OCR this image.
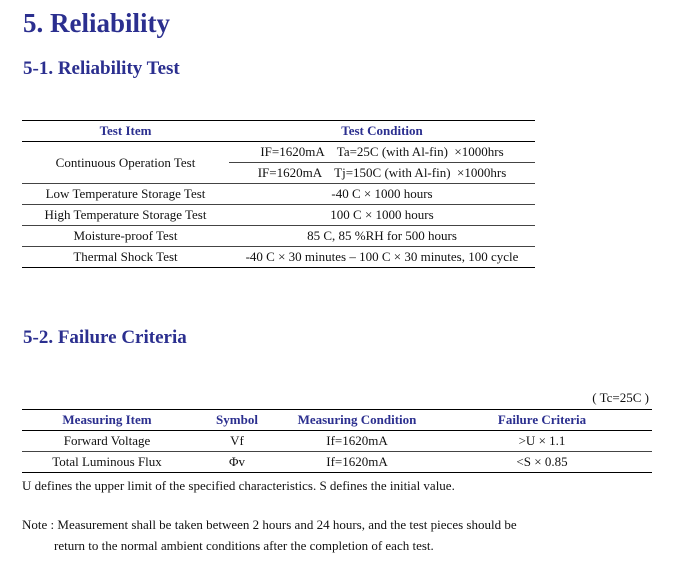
5. Reliability
5-1. Reliability Test
Test Item	Test Condition
Continuous Operation Test	IF=1620mA    Ta=25C (with Al-fin)  ×1000hrs
	IF=1620mA    Tj=150C (with Al-fin)  ×1000hrs
Low Temperature Storage Test	-40 C × 1000 hours
High Temperature Storage Test	100 C × 1000 hours
Moisture-proof Test	85 C, 85 %RH for 500 hours
Thermal Shock Test	-40 C × 30 minutes – 100 C × 30 minutes, 100 cycle
5-2. Failure Criteria
( Tc=25C )
Measuring Item	Symbol	Measuring Condition	Failure Criteria
Forward Voltage	Vf	If=1620mA	>U × 1.1
Total Luminous Flux	Φv	If=1620mA	<S × 0.85

U defines the upper limit of the specified characteristics. S defines the initial value.

Note : Measurement shall be taken between 2 hours and 24 hours, and the test pieces should be

return to the normal ambient conditions after the completion of each test.
